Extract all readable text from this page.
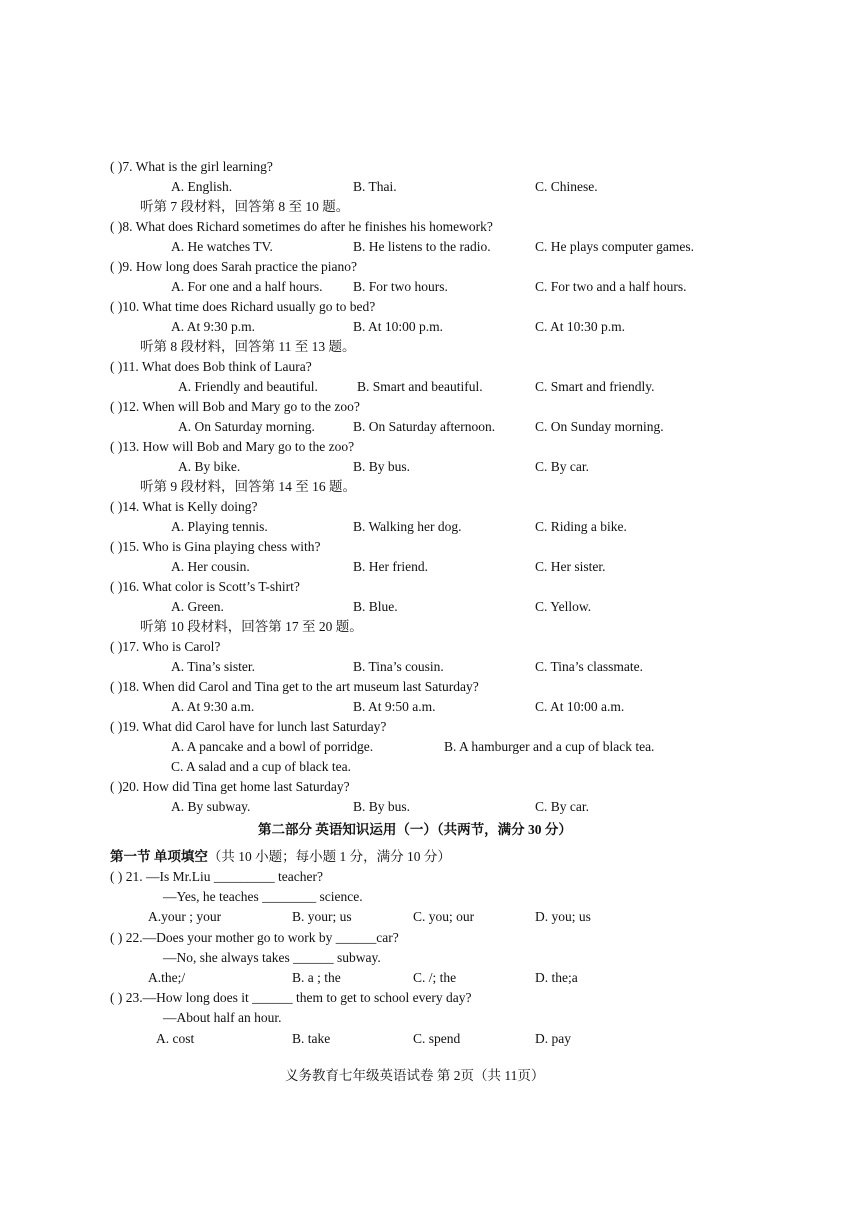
( )7. What is the girl learning?
A. English.	B. Thai.	C. Chinese.
听第 7 段材料，回答第 8 至 10 题。
( )8. What does Richard sometimes do after he finishes his homework?
A. He watches TV.	B. He listens to the radio.	C. He plays computer games.
( )9. How long does Sarah practice the piano?
A. For one and a half hours. B. For two hours.	C. For two and a half hours.
( )10. What time does Richard usually go to bed?
A. At 9:30 p.m.	B. At 10:00 p.m.	C. At 10:30 p.m.
听第 8 段材料，回答第 11 至 13 题。
( )11. What does Bob think of Laura?
A. Friendly and beautiful.	B. Smart and beautiful.	C. Smart and friendly.
( )12. When will Bob and Mary go to the zoo?
A. On Saturday morning.	B. On Saturday afternoon.	C. On Sunday morning.
( )13. How will Bob and Mary go to the zoo?
A. By bike.	B. By bus.	C. By car.
听第 9 段材料，回答第 14 至 16 题。
( )14. What is Kelly doing?
A. Playing tennis.	B. Walking her dog.	C. Riding a bike.
( )15. Who is Gina playing chess with?
A. Her cousin.	B. Her friend.	C. Her sister.
( )16. What color is Scott’s T-shirt?
A. Green.	B. Blue.	C. Yellow.
听第 10 段材料，回答第 17 至 20 题。
( )17. Who is Carol?
A. Tina’s sister.	B. Tina’s cousin.	C. Tina’s classmate.
( )18. When did Carol and Tina get to the art museum last Saturday?
A. At 9:30 a.m.	B. At 9:50 a.m.	C. At 10:00 a.m.
( )19. What did Carol have for lunch last Saturday?
A. A pancake and a bowl of porridge.	B. A hamburger and a cup of black tea.
C. A salad and a cup of black tea.
( )20. How did Tina get home last Saturday?
A. By subway.	B. By bus.	C. By car.
第二部分 英语知识运用（一）（共两节，满分 30 分）
第一节 单项填空（共 10 小题；每小题 1 分，满分 10 分）
( ) 21. —Is Mr.Liu _________ teacher?
—Yes, he teaches ________ science.
A.your ; your	B. your; us	C. you; our	D. you; us
( ) 22.—Does your mother go to work by ______car?
—No, she always takes ______ subway.
A.the;/	B. a ; the	C. /; the	D. the;a
( ) 23.—How long does it ______ them to get to school every day?
—About half an hour.
A. cost	B. take	C. spend	D. pay
义务教育七年级英语试卷 第 2页（共 11页）
